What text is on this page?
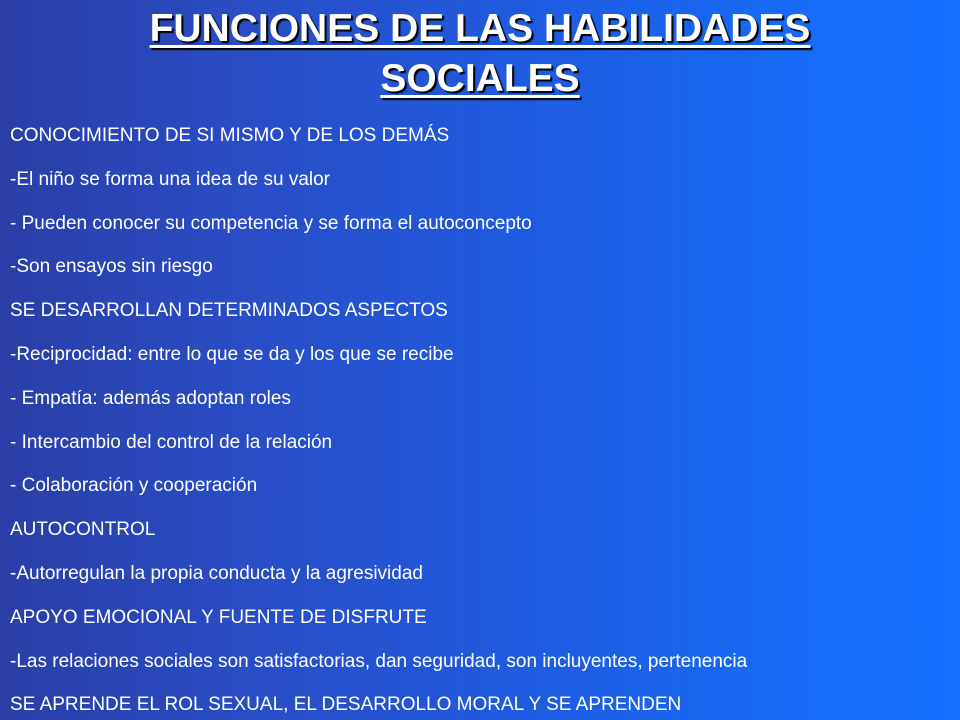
FUNCIONES DE LAS HABILIDADES
SOCIALES
CONOCIMIENTO DE SI MISMO Y DE LOS DEMÁS
-El niño se forma una idea de su valor
- Pueden conocer su competencia y se forma el autoconcepto
-Son ensayos sin riesgo
SE DESARROLLAN DETERMINADOS ASPECTOS
-Reciprocidad: entre lo que se da y los que se recibe
- Empatía: además adoptan roles
- Intercambio del control de la relación
- Colaboración y cooperación
AUTOCONTROL
-Autorregulan la propia conducta y la agresividad
APOYO EMOCIONAL Y FUENTE DE DISFRUTE
-Las relaciones sociales son satisfactorias, dan seguridad, son incluyentes, pertenencia
SE APRENDE EL ROL SEXUAL, EL DESARROLLO MORAL Y SE APRENDEN
